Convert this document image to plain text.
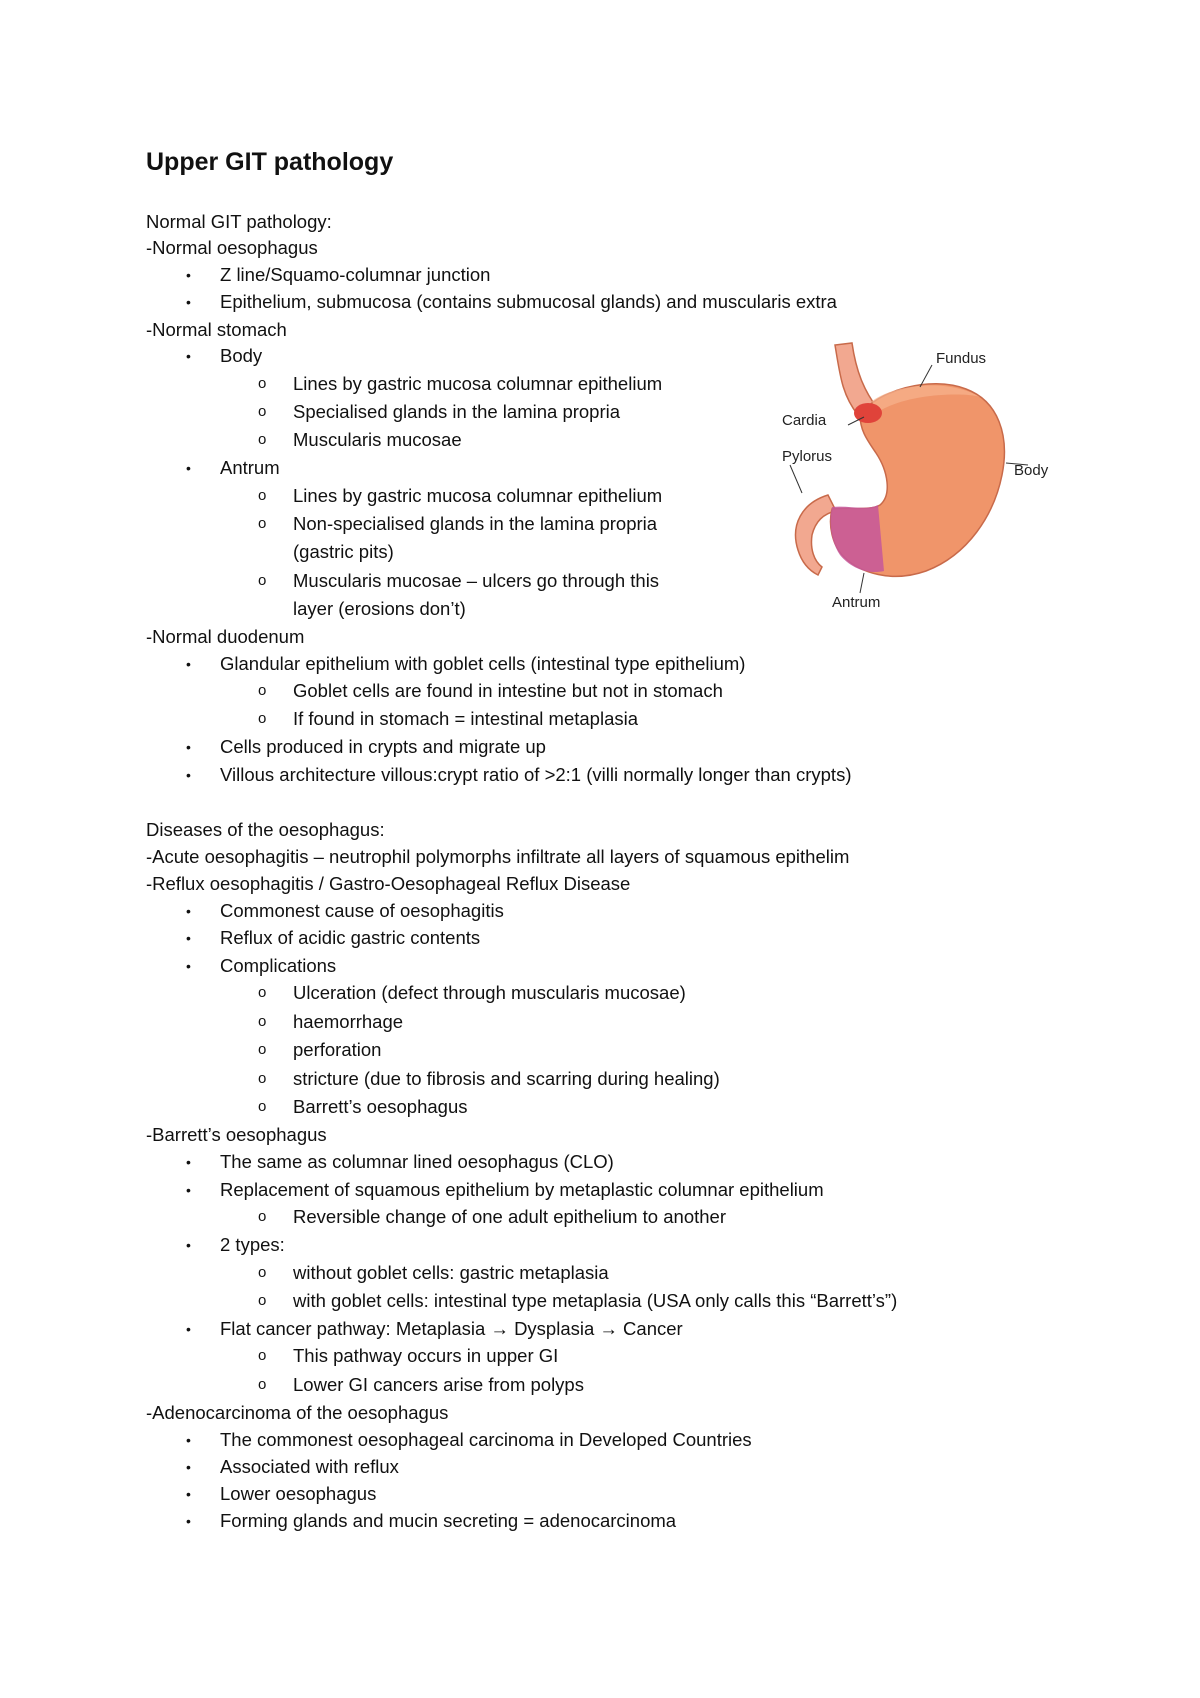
Upper GIT pathology
Normal GIT pathology:
-Normal oesophagus
• Z line/Squamo-columnar junction
• Epithelium, submucosa (contains submucosal glands) and muscularis extra
-Normal stomach
• Body
o Lines by gastric mucosa columnar epithelium
o Specialised glands in the lamina propria
o Muscularis mucosae
• Antrum
o Lines by gastric mucosa columnar epithelium
o Non-specialised glands in the lamina propria
(gastric pits)
o Muscularis mucosae – ulcers go through this
layer (erosions don’t)
-Normal duodenum
• Glandular epithelium with goblet cells (intestinal type epithelium)
o Goblet cells are found in intestine but not in stomach
o If found in stomach = intestinal metaplasia
• Cells produced in crypts and migrate up
• Villous architecture villous:crypt ratio of >2:1 (villi normally longer than crypts)
Diseases of the oesophagus:
-Acute oesophagitis – neutrophil polymorphs infiltrate all layers of squamous epithelim
-Reflux oesophagitis / Gastro-Oesophageal Reflux Disease
• Commonest cause of oesophagitis
• Reflux of acidic gastric contents
• Complications
o Ulceration (defect through muscularis mucosae)
o haemorrhage
o perforation
o stricture (due to fibrosis and scarring during healing)
o Barrett’s oesophagus
-Barrett’s oesophagus
• The same as columnar lined oesophagus (CLO)
• Replacement of squamous epithelium by metaplastic columnar epithelium
o Reversible change of one adult epithelium to another
• 2 types:
o without goblet cells: gastric metaplasia
o with goblet cells: intestinal type metaplasia (USA only calls this “Barrett’s”)
• Flat cancer pathway: Metaplasia → Dysplasia → Cancer
o This pathway occurs in upper GI
o Lower GI cancers arise from polyps
-Adenocarcinoma of the oesophagus
• The commonest oesophageal carcinoma in Developed Countries
• Associated with reflux
• Lower oesophagus
• Forming glands and mucin secreting = adenocarcinoma
Fundus
Cardia
Pylorus
Body
Antrum
